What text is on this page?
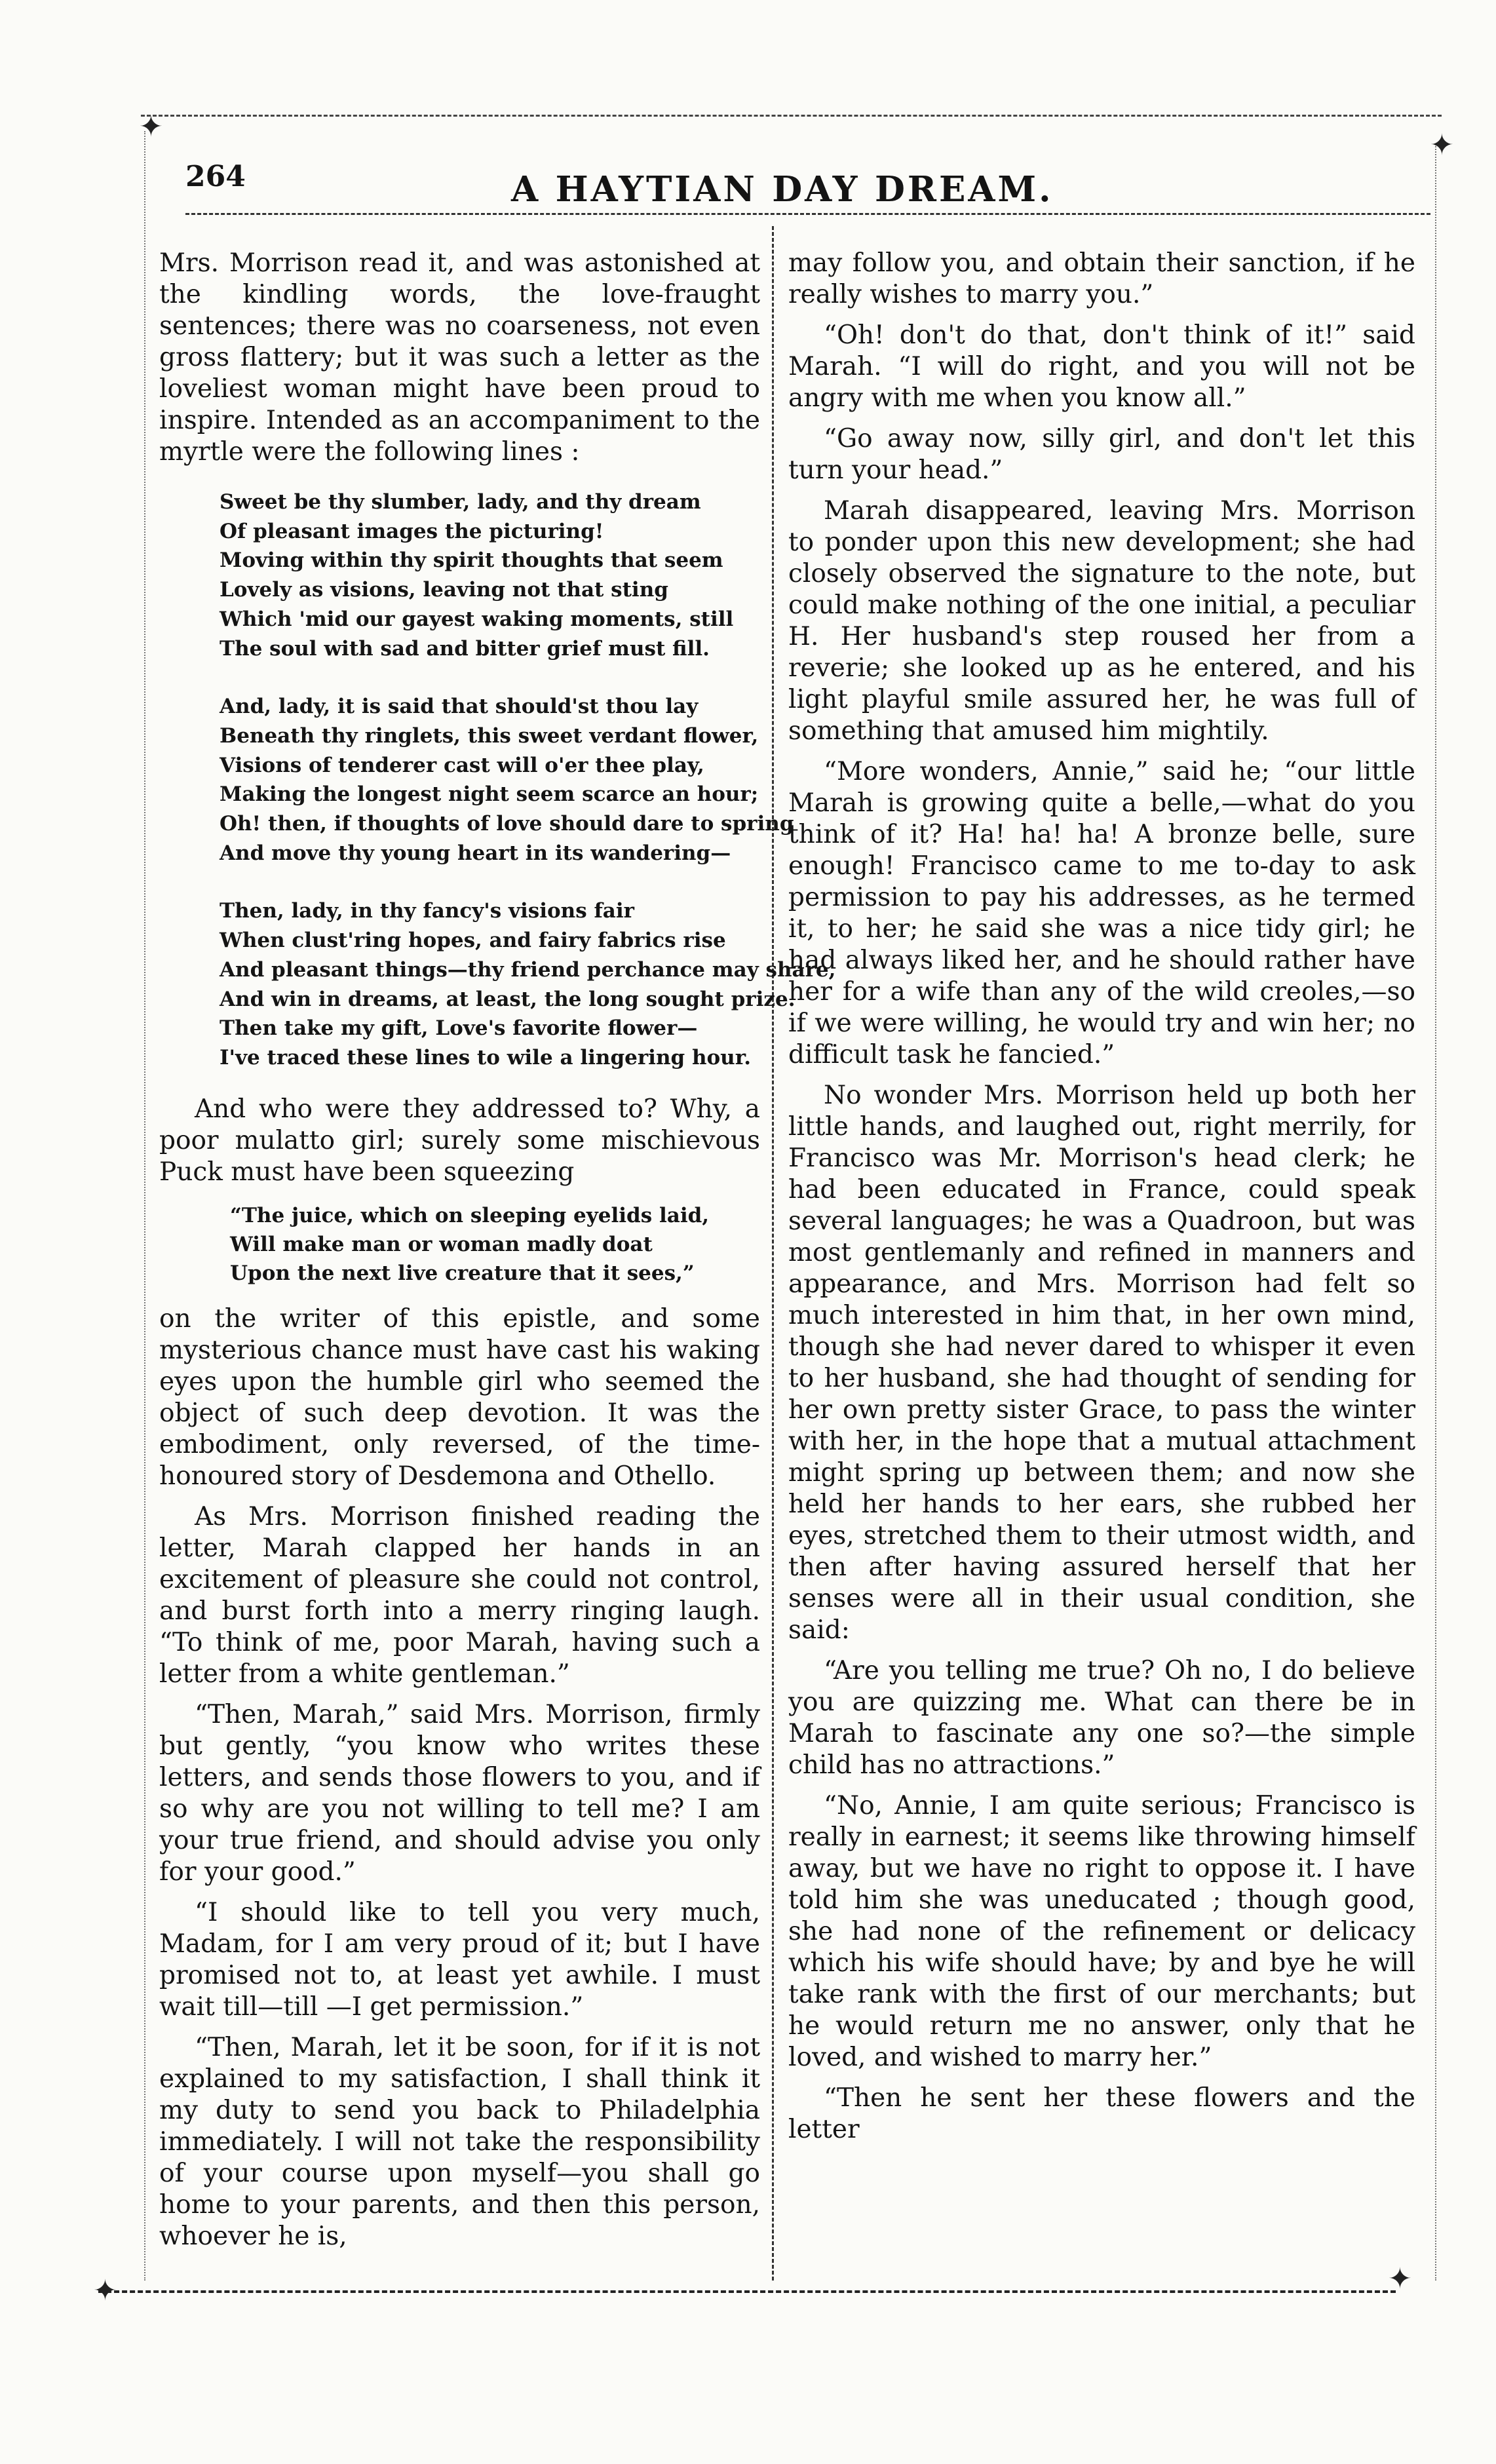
✦
✦
✦	✦
264	A HAYTIAN DAY DREAM.

Mrs. Morrison read it, and was astonished at the kindling words, the love-fraught sentences; there was no coarseness, not even gross flattery; but it was such a letter as the loveliest woman might have been proud to inspire. Intended as an accompaniment to the myrtle were the following lines :

Sweet be thy slumber, lady, and thy dream
Of pleasant images the picturing!
Moving within thy spirit thoughts that seem
Lovely as visions, leaving not that sting
Which 'mid our gayest waking moments, still
The soul with sad and bitter grief must fill.
And, lady, it is said that should'st thou lay
Beneath thy ringlets, this sweet verdant flower,
Visions of tenderer cast will o'er thee play,
Making the longest night seem scarce an hour;
Oh! then, if thoughts of love should dare to spring
And move thy young heart in its wandering—
Then, lady, in thy fancy's visions fair
When clust'ring hopes, and fairy fabrics rise
And pleasant things—thy friend perchance may share,
And win in dreams, at least, the long sought prize.
Then take my gift, Love's favorite flower—
I've traced these lines to wile a lingering hour.

And who were they addressed to? Why, a poor mulatto girl; surely some mischievous Puck must have been squeezing

“The juice, which on sleeping eyelids laid,
Will make man or woman madly doat
Upon the next live creature that it sees,”

on the writer of this epistle, and some mysterious chance must have cast his waking eyes upon the humble girl who seemed the object of such deep devotion. It was the embodiment, only reversed, of the time-honoured story of Desdemona and Othello.

As Mrs. Morrison finished reading the letter, Marah clapped her hands in an excitement of pleasure she could not control, and burst forth into a merry ringing laugh. “To think of me, poor Marah, having such a letter from a white gentleman.”

“Then, Marah,” said Mrs. Morrison, firmly but gently, “you know who writes these letters, and sends those flowers to you, and if so why are you not willing to tell me? I am your true friend, and should advise you only for your good.”

“I should like to tell you very much, Madam, for I am very proud of it; but I have promised not to, at least yet awhile. I must wait till—till —I get permission.”

“Then, Marah, let it be soon, for if it is not explained to my satisfaction, I shall think it my duty to send you back to Philadelphia immediately. I will not take the responsibility of your course upon myself—you shall go home to your parents, and then this person, whoever he is,

may follow you, and obtain their sanction, if he really wishes to marry you.”

“Oh! don't do that, don't think of it!” said Marah. “I will do right, and you will not be angry with me when you know all.”

“Go away now, silly girl, and don't let this turn your head.”

Marah disappeared, leaving Mrs. Morrison to ponder upon this new development; she had closely observed the signature to the note, but could make nothing of the one initial, a peculiar H. Her husband's step roused her from a reverie; she looked up as he entered, and his light playful smile assured her, he was full of something that amused him mightily.

“More wonders, Annie,” said he; “our little Marah is growing quite a belle,—what do you think of it? Ha! ha! ha! A bronze belle, sure enough! Francisco came to me to-day to ask permission to pay his addresses, as he termed it, to her; he said she was a nice tidy girl; he had always liked her, and he should rather have her for a wife than any of the wild creoles,—so if we were willing, he would try and win her; no difficult task he fancied.”

No wonder Mrs. Morrison held up both her little hands, and laughed out, right merrily, for Francisco was Mr. Morrison's head clerk; he had been educated in France, could speak several languages; he was a Quadroon, but was most gentlemanly and refined in manners and appearance, and Mrs. Morrison had felt so much interested in him that, in her own mind, though she had never dared to whisper it even to her husband, she had thought of sending for her own pretty sister Grace, to pass the winter with her, in the hope that a mutual attachment might spring up between them; and now she held her hands to her ears, she rubbed her eyes, stretched them to their utmost width, and then after having assured herself that her senses were all in their usual condition, she said:

“Are you telling me true? Oh no, I do believe you are quizzing me. What can there be in Marah to fascinate any one so?—the simple child has no attractions.”

“No, Annie, I am quite serious; Francisco is really in earnest; it seems like throwing himself away, but we have no right to oppose it. I have told him she was uneducated ; though good, she had none of the refinement or delicacy which his wife should have; by and bye he will take rank with the first of our merchants; but he would return me no answer, only that he loved, and wished to marry her.”

“Then he sent her these flowers and the letter
